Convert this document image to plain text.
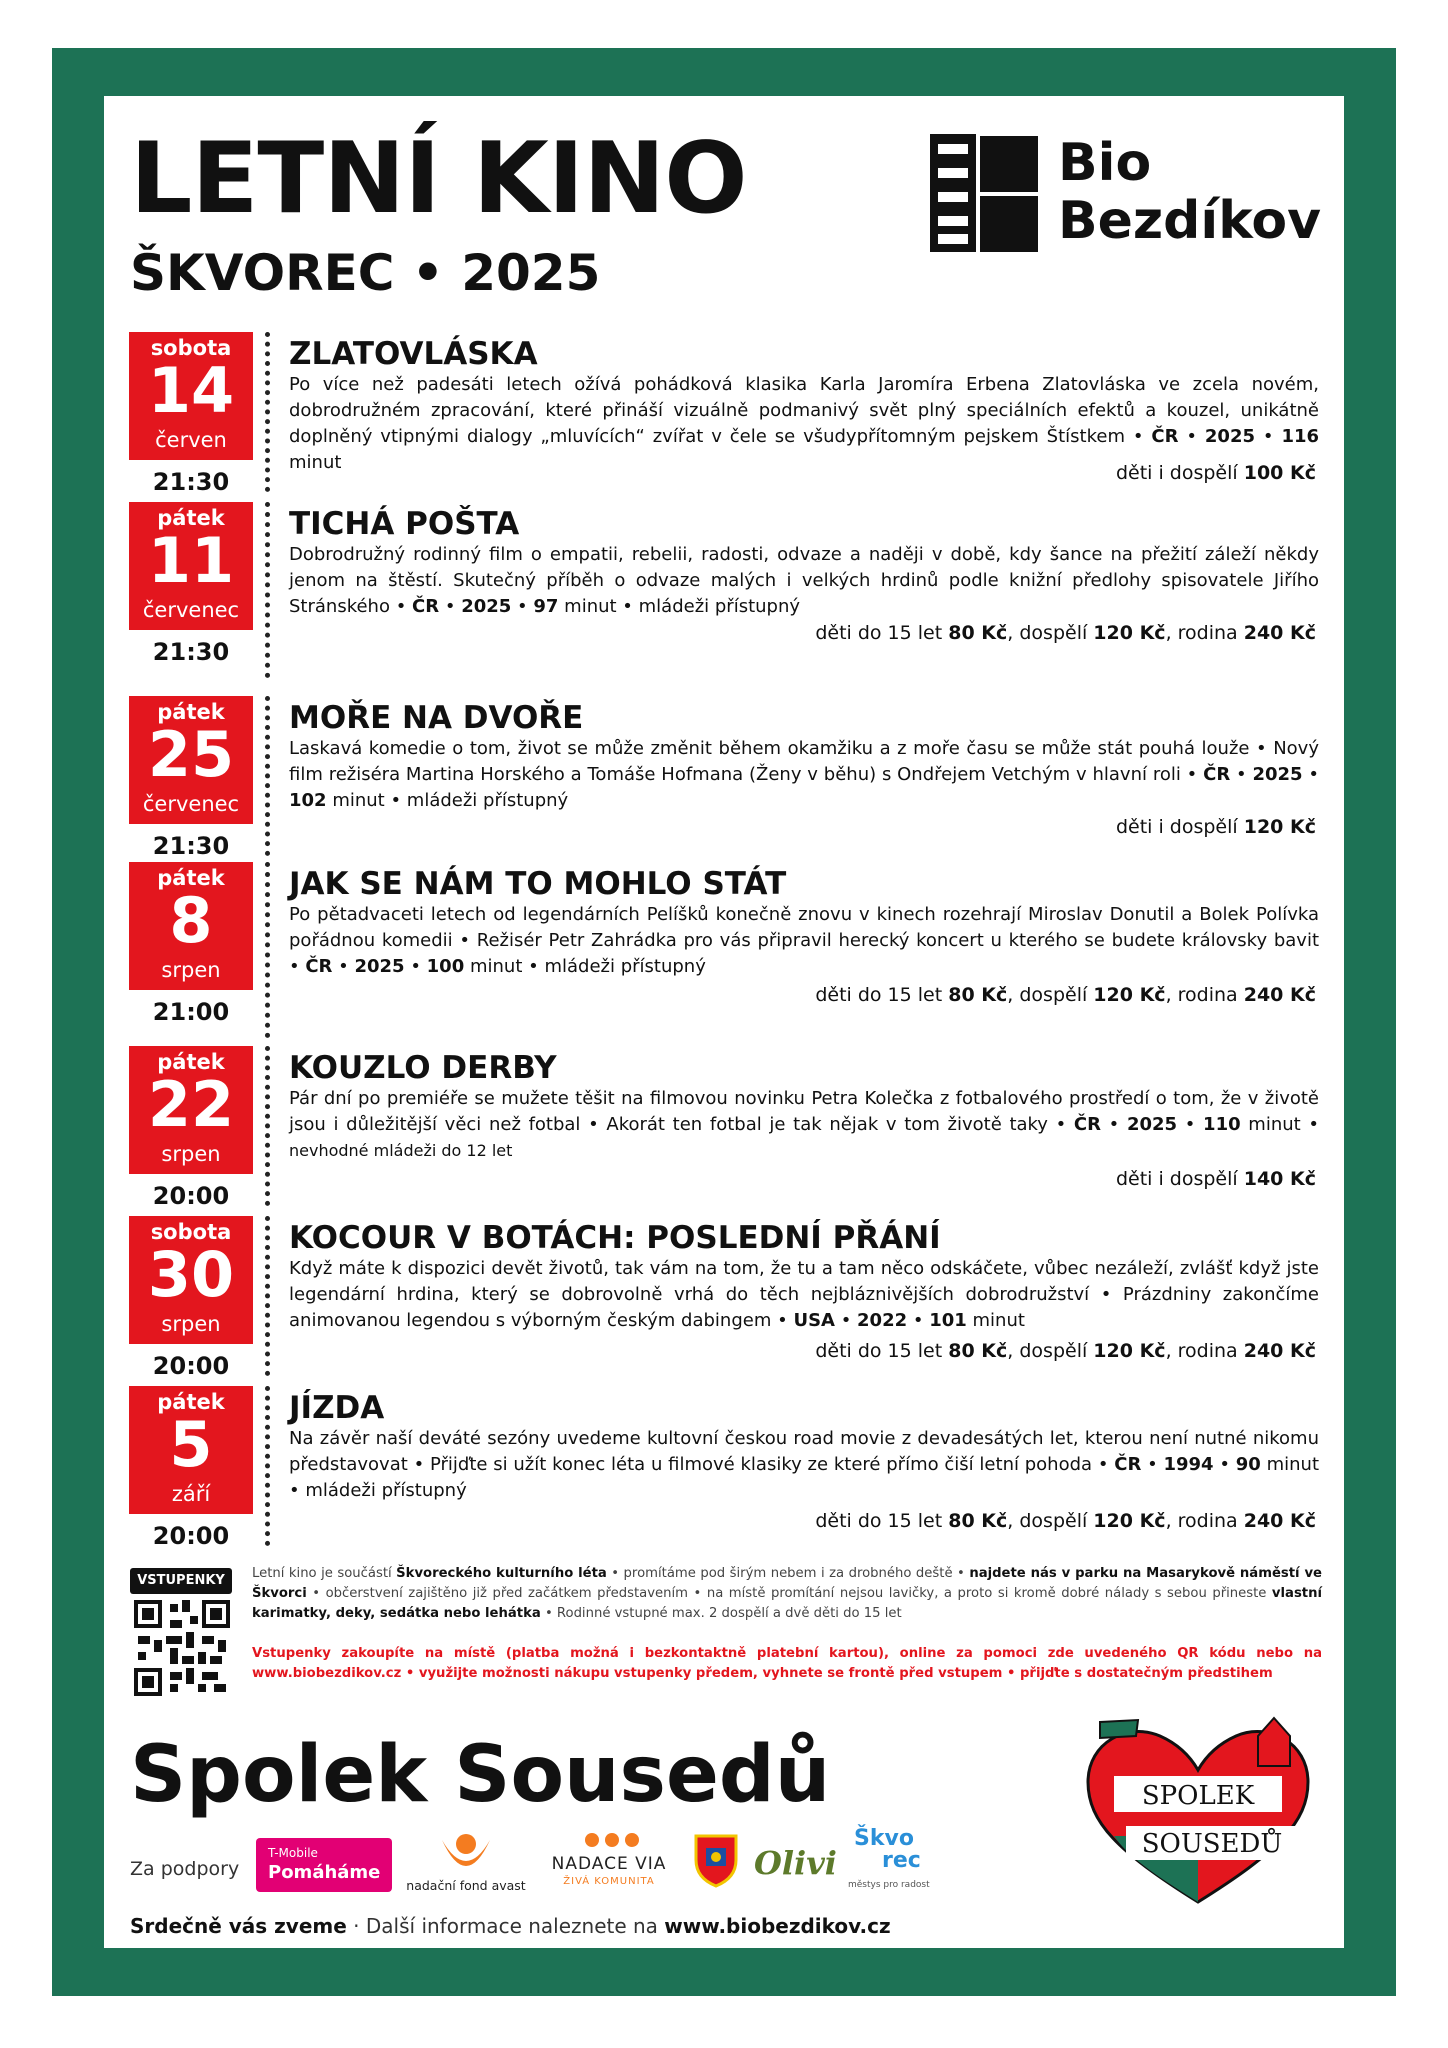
LETNÍ KINO
ŠKVOREC • 2025
Bio
Bezdíkov
sobota
14
červen
21:30
ZLATOVLÁSKA
Po více než padesáti letech ožívá pohádková klasika Karla Jaromíra Erbena Zlatovláska ve zcela novém, dobrodružném zpracování, které přináší vizuálně podmanivý svět plný speciálních efektů a kouzel, unikátně doplněný vtipnými dialogy „mluvících“ zvířat v čele se všudypřítomným pejskem Štístkem • ČR • 2025 • 116 minut	děti i dospělí 100 Kč
pátek
11
červenec
21:30
TICHÁ POŠTA
Dobrodružný rodinný film o empatii, rebelii, radosti, odvaze a naději v době, kdy šance na přežití záleží někdy jenom na štěstí. Skutečný příběh o odvaze malých i velkých hrdinů podle knižní předlohy spisovatele Jiřího Stránského • ČR • 2025 • 97 minut • mládeži přístupný
děti do 15 let 80 Kč, dospělí 120 Kč, rodina 240 Kč
pátek
25
červenec
21:30
MOŘE NA DVOŘE
Laskavá komedie o tom, život se může změnit během okamžiku a z moře času se může stát pouhá louže • Nový film režiséra Martina Horského a Tomáše Hofmana (Ženy v běhu) s Ondřejem Vetchým v hlavní roli • ČR • 2025 • 102 minut • mládeži přístupný
děti i dospělí 120 Kč
pátek
8
srpen
21:00
JAK SE NÁM TO MOHLO STÁT
Po pětadvaceti letech od legendárních Pelíšků konečně znovu v kinech rozehrají Miroslav Donutil a Bolek Polívka pořádnou komedii • Režisér Petr Zahrádka pro vás připravil herecký koncert u kterého se budete královsky bavit • ČR • 2025 • 100 minut • mládeži přístupný
děti do 15 let 80 Kč, dospělí 120 Kč, rodina 240 Kč
pátek
22
srpen
20:00
KOUZLO DERBY
Pár dní po premiéře se mužete těšit na filmovou novinku Petra Kolečka z fotbalového prostředí o tom, že v životě jsou i důležitější věci než fotbal • Akorát ten fotbal je tak nějak v tom životě taky • ČR • 2025 • 110 minut • nevhodné mládeži do 12 let
děti i dospělí 140 Kč
sobota
30
srpen
20:00
KOCOUR V BOTÁCH: POSLEDNÍ PŘÁNÍ
Když máte k dispozici devět životů, tak vám na tom, že tu a tam něco odskáčete, vůbec nezáleží, zvlášť když jste legendární hrdina, který se dobrovolně vrhá do těch nejbláznivějších dobrodružství • Prázdniny zakončíme animovanou legendou s výborným českým dabingem • USA • 2022 • 101 minut
děti do 15 let 80 Kč, dospělí 120 Kč, rodina 240 Kč
pátek
5
září
20:00
JÍZDA
Na závěr naší deváté sezóny uvedeme kultovní českou road movie z devadesátých let, kterou není nutné nikomu představovat • Přijďte si užít konec léta u filmové klasiky ze které přímo čiší letní pohoda • ČR • 1994 • 90 minut • mládeži přístupný
děti do 15 let 80 Kč, dospělí 120 Kč, rodina 240 Kč
VSTUPENKY	Letní kino je součástí Škvoreckého kulturního léta • promítáme pod širým nebem i za drobného deště • najdete nás v parku na Masarykově náměstí ve Škvorci • občerstvení zajištěno již před začátkem představením • na místě promítání nejsou lavičky, a proto si kromě dobré nálady s sebou přineste vlastní karimatky, deky, sedátka nebo lehátka • Rodinné vstupné max. 2 dospělí a dvě děti do 15 let
Vstupenky zakoupíte na místě (platba možná i bezkontaktně platební kartou), online za pomoci zde uvedeného QR kódu nebo na www.biobezdikov.cz • využijte možnosti nákupu vstupenky předem, vyhnete se frontě před vstupem • přijďte s dostatečným předstihem
Spolek Sousedů
Za podpory
T-Mobile
Pomáháme
nadační fond avast
NADACE VIA
ŽIVÁ KOMUNITA	Olivi
Škvo
rec
městys pro radost
SPOLEK
SOUSEDŮ
Srdečně vás zveme · Další informace naleznete na www.biobezdikov.cz
